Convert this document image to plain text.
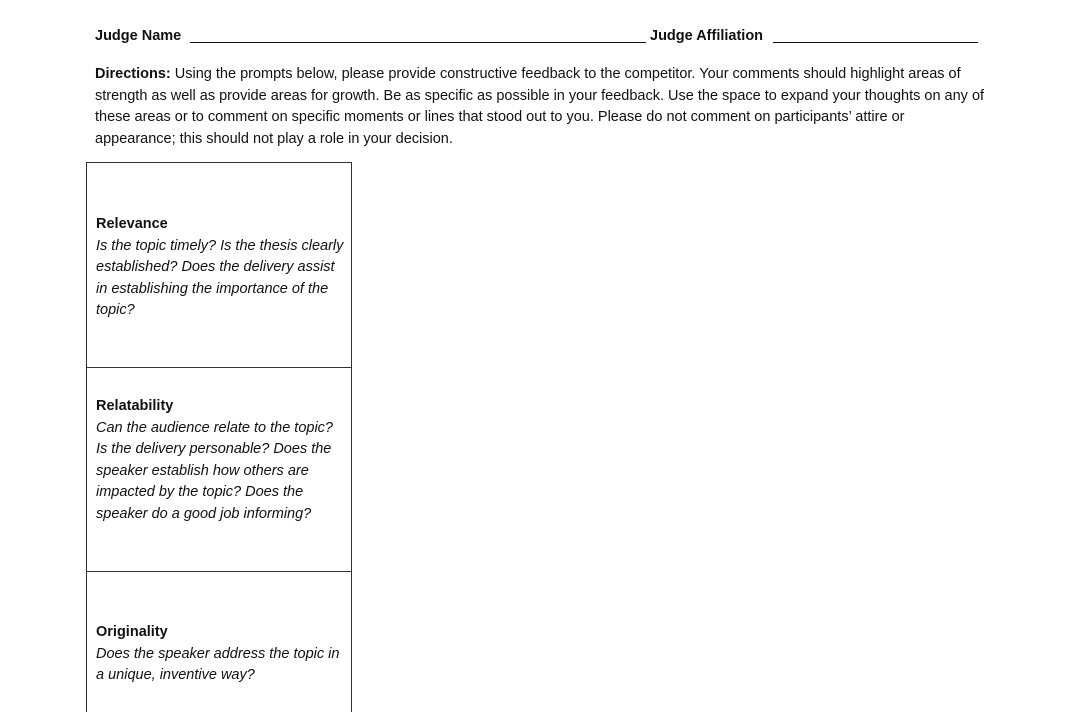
Judge Name	Judge Affiliation
Directions: Using the prompts below, please provide constructive feedback to the competitor. Your comments should highlight areas of strength as well as provide areas for growth. Be as specific as possible in your feedback. Use the space to expand your thoughts on any of these areas or to comment on specific moments or lines that stood out to you. Please do not comment on participants’ attire or appearance; this should not play a role in your decision.
Relevance
Is the topic timely? Is the thesis clearly established? Does the delivery assist in establishing the importance of the topic?
Relatability
Can the audience relate to the topic? Is the delivery personable? Does the speaker establish how others are impacted by the topic? Does the speaker do a good job informing?
Originality
Does the speaker address the topic in a unique, inventive way?
